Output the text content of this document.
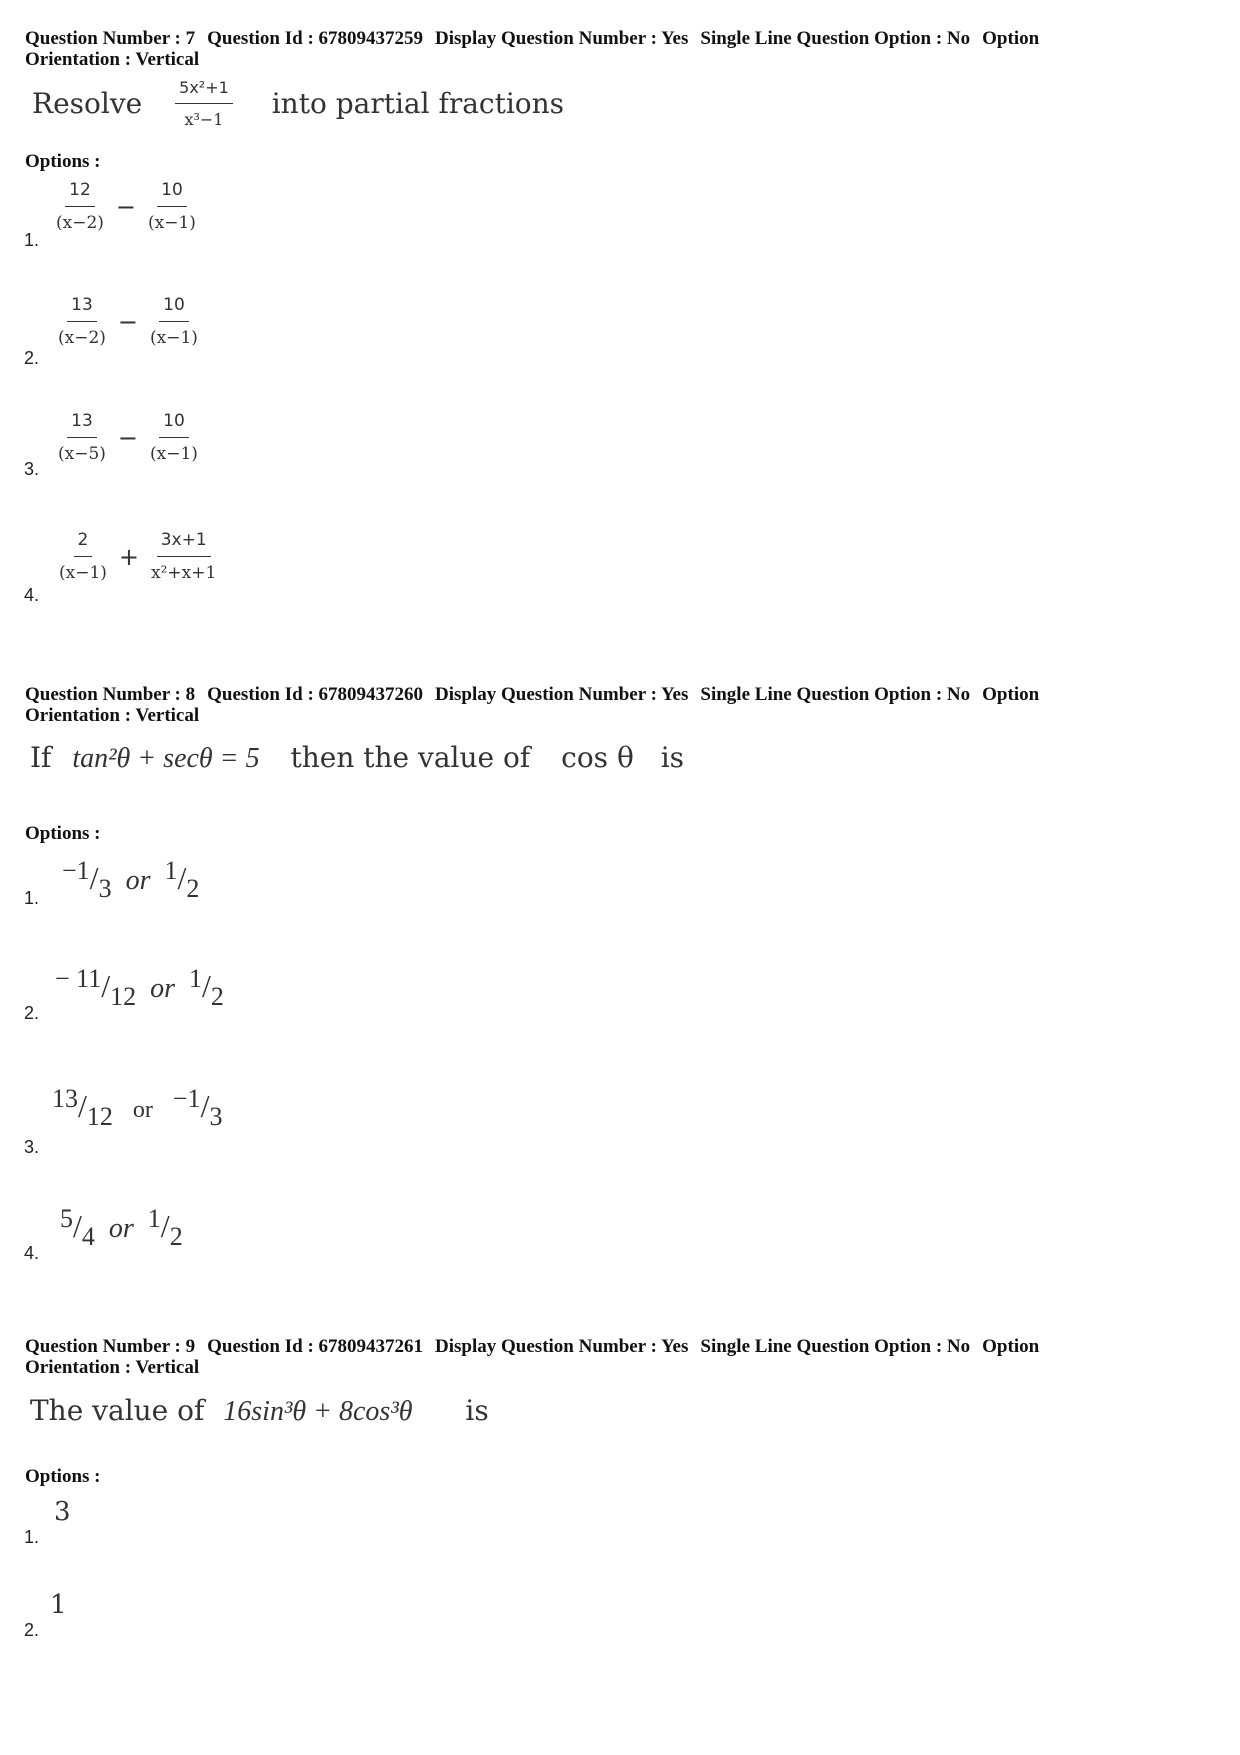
Question Number : 7 Question Id : 67809437259 Display Question Number : Yes Single Line Question Option : No Option
Orientation : Vertical
Resolve $\frac{\text{5x²+1}}{\text{x³−1}}$ into partial fractions
Options :
$\frac{12}{(x-2)} - \frac{10}{(x-1)}$
1.
$\frac{13}{(x-2)} - \frac{10}{(x-1)}$
2.
$\frac{13}{(x-5)} - \frac{10}{(x-1)}$
3.
$\frac{2}{(x-1)} + \frac{3x+1}{\text{x²+x+1}}$
4.
Question Number : 8 Question Id : 67809437260 Display Question Number : Yes Single Line Question Option : No Option
Orientation : Vertical
If tan²θ + secθ = 5 then the value of cos θ is
Options :
$^{-1}/_3$ or $^1/_2$
1.
$^{- 11}/_{12}$ or $^1/_2$
2.
$^{13}/_{12}$ or $^{-1}/_3$
3.
$^5/_4$ or $^1/_2$
4.
Question Number : 9 Question Id : 67809437261 Display Question Number : Yes Single Line Question Option : No Option
Orientation : Vertical
The value of 16sin³θ + 8cos³θ is
Options :
3
1.
1
2.
